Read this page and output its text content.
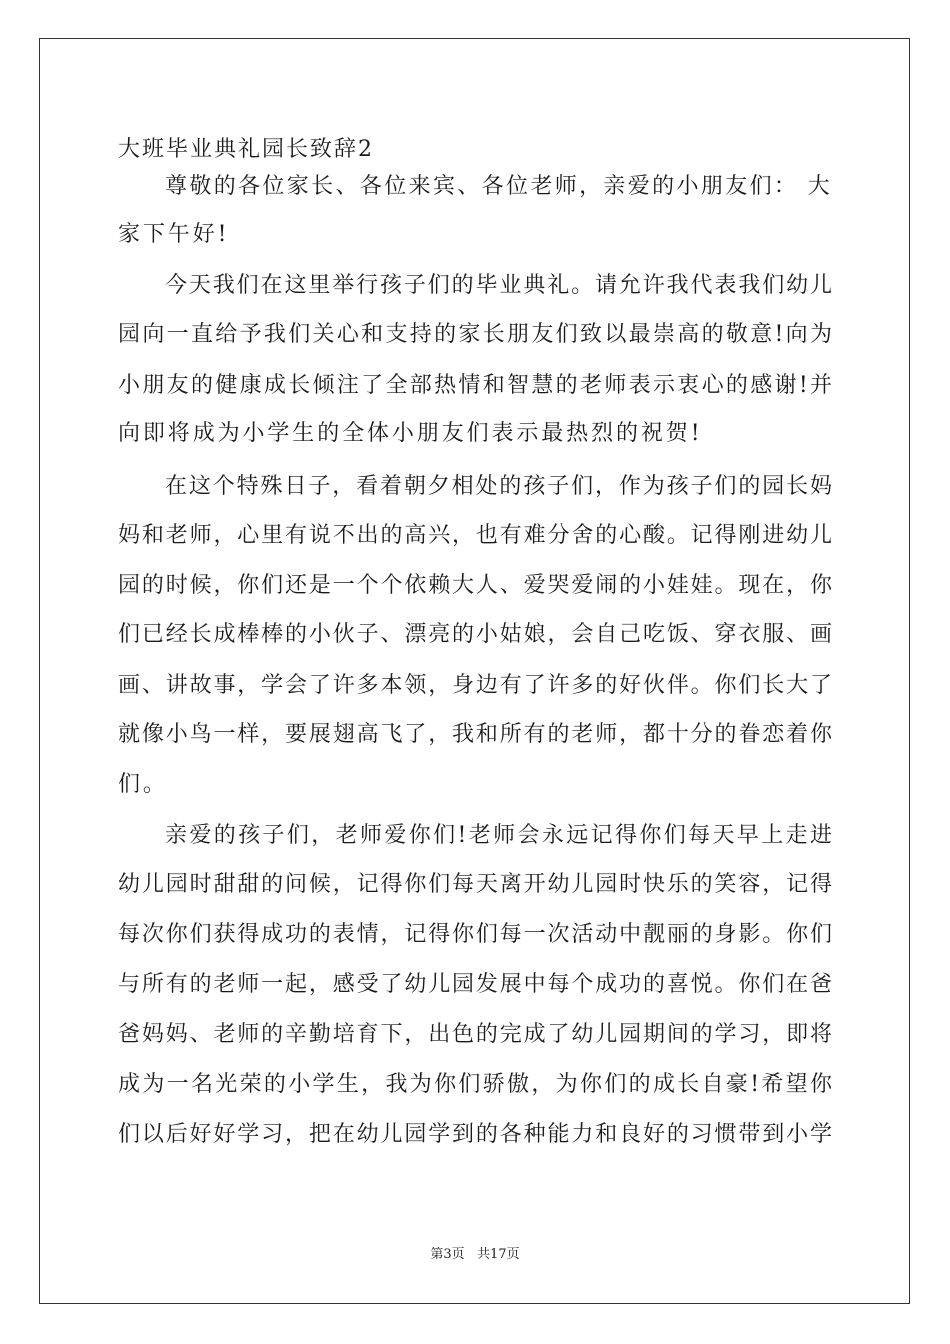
大班毕业典礼园长致辞2
尊敬的各位家长、各位来宾、各位老师，亲爱的小朋友们： 大
家下午好!
今天我们在这里举行孩子们的毕业典礼。请允许我代表我们幼儿
园向一直给予我们关心和支持的家长朋友们致以最崇高的敬意!向为
小朋友的健康成长倾注了全部热情和智慧的老师表示衷心的感谢!并
向即将成为小学生的全体小朋友们表示最热烈的祝贺!
在这个特殊日子，看着朝夕相处的孩子们，作为孩子们的园长妈
妈和老师，心里有说不出的高兴，也有难分舍的心酸。记得刚进幼儿
园的时候，你们还是一个个依赖大人、爱哭爱闹的小娃娃。现在，你
们已经长成棒棒的小伙子、漂亮的小姑娘，会自己吃饭、穿衣服、画
画、讲故事，学会了许多本领，身边有了许多的好伙伴。你们长大了
就像小鸟一样，要展翅高飞了，我和所有的老师，都十分的眷恋着你
们。
亲爱的孩子们，老师爱你们!老师会永远记得你们每天早上走进
幼儿园时甜甜的问候，记得你们每天离开幼儿园时快乐的笑容，记得
每次你们获得成功的表情，记得你们每一次活动中靓丽的身影。你们
与所有的老师一起，感受了幼儿园发展中每个成功的喜悦。你们在爸
爸妈妈、老师的辛勤培育下，出色的完成了幼儿园期间的学习，即将
成为一名光荣的小学生，我为你们骄傲，为你们的成长自豪!希望你
们以后好好学习，把在幼儿园学到的各种能力和良好的习惯带到小学
第3页   共17页
